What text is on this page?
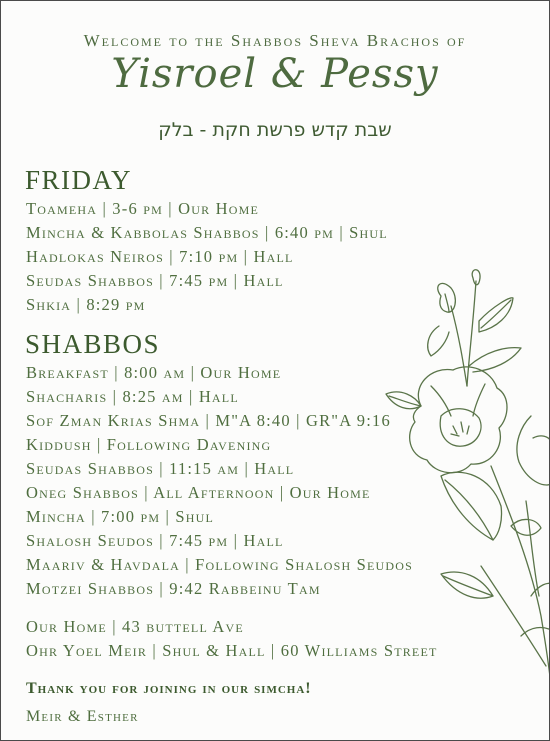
Welcome to the Shabbos Sheva Brachos of
Yisroel & Pessy
שבת קדש פרשת חקת - בלק
FRIDAY
Toameha | 3-6 pm | Our Home
Mincha & Kabbolas Shabbos | 6:40 pm | Shul
Hadlokas Neiros | 7:10 pm | Hall
Seudas Shabbos | 7:45 pm | Hall
Shkia | 8:29 pm
SHABBOS
Breakfast | 8:00 am | Our Home
Shacharis | 8:25 am | Hall
Sof Zman Krias Shma | M"A 8:40 | GR"A 9:16
Kiddush | Following Davening
Seudas Shabbos | 11:15 am | Hall
Oneg Shabbos | All Afternoon | Our Home
Mincha | 7:00 pm | Shul
Shalosh Seudos | 7:45 pm | Hall
Maariv & Havdala | Following Shalosh Seudos
Motzei Shabbos | 9:42 Rabbeinu Tam
Our Home | 43 buttell Ave
Ohr Yoel Meir | Shul & Hall | 60 Williams Street
Thank you for joining in our simcha!
Meir & Esther
